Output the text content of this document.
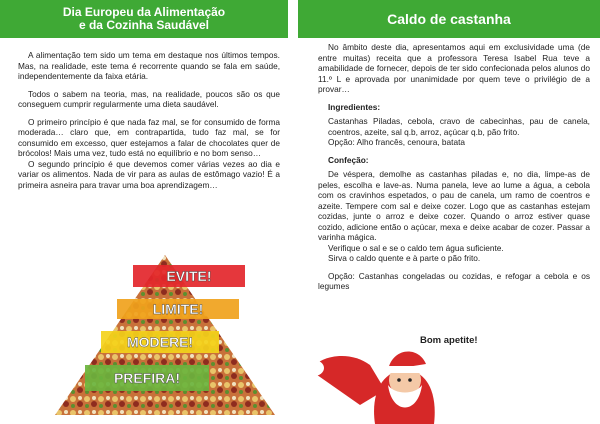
Dia Europeu da Alimentação
e da Cozinha Saudável	Caldo de castanha

A alimentação tem sido um tema em destaque nos últimos tempos. Mas, na realidade, este tema é recorrente quando se fala em saúde, independentemente da faixa etária.

Todos o sabem na teoria, mas, na realidade, poucos são os que conseguem cumprir regularmente uma dieta saudável.

O primeiro princípio é que nada faz mal, se for consumido de forma moderada… claro que, em contrapartida, tudo faz mal, se for consumido em excesso, quer estejamos a falar de chocolates quer de brócolos! Mais uma vez, tudo está no equilíbrio e no bom senso…

O segundo princípio é que devemos comer várias vezes ao dia e variar os alimentos. Nada de vir para as aulas de estômago vazio! É a primeira asneira para travar uma boa aprendizagem…

EVITE!
LIMITE!
MODERE!
PREFIRA!

No âmbito deste dia, apresentamos aqui em exclusividade uma (de entre muitas) receita que a professora Teresa Isabel Rua teve a amabilidade de fornecer, depois de ter sido confecionada pelos alunos do 11.º L e aprovada por unanimidade por quem teve o privilégio de a provar…

Ingredientes:

Castanhas Piladas, cebola, cravo de cabecinhas, pau de canela, coentros, azeite, sal q.b, arroz, açúcar q.b, pão frito.

Opção: Alho francês, cenoura, batata

Confeção:

De véspera, demolhe as castanhas piladas e, no dia, limpe-as de peles, escolha e lave-as. Numa panela, leve ao lume a água, a cebola com os cravinhos espetados, o pau de canela, um ramo de coentros e azeite. Tempere com sal e deixe cozer. Logo que as castanhas estejam cozidas, junte o arroz e deixe cozer. Quando o arroz estiver quase cozido, adicione então o açúcar, mexa e deixe acabar de cozer. Passar a varinha mágica.

Verifique o sal e se o caldo tem água suficiente.

Sirva o caldo quente e à parte o pão frito.

Opção: Castanhas congeladas ou cozidas, e refogar a cebola e os legumes

Bom apetite!
